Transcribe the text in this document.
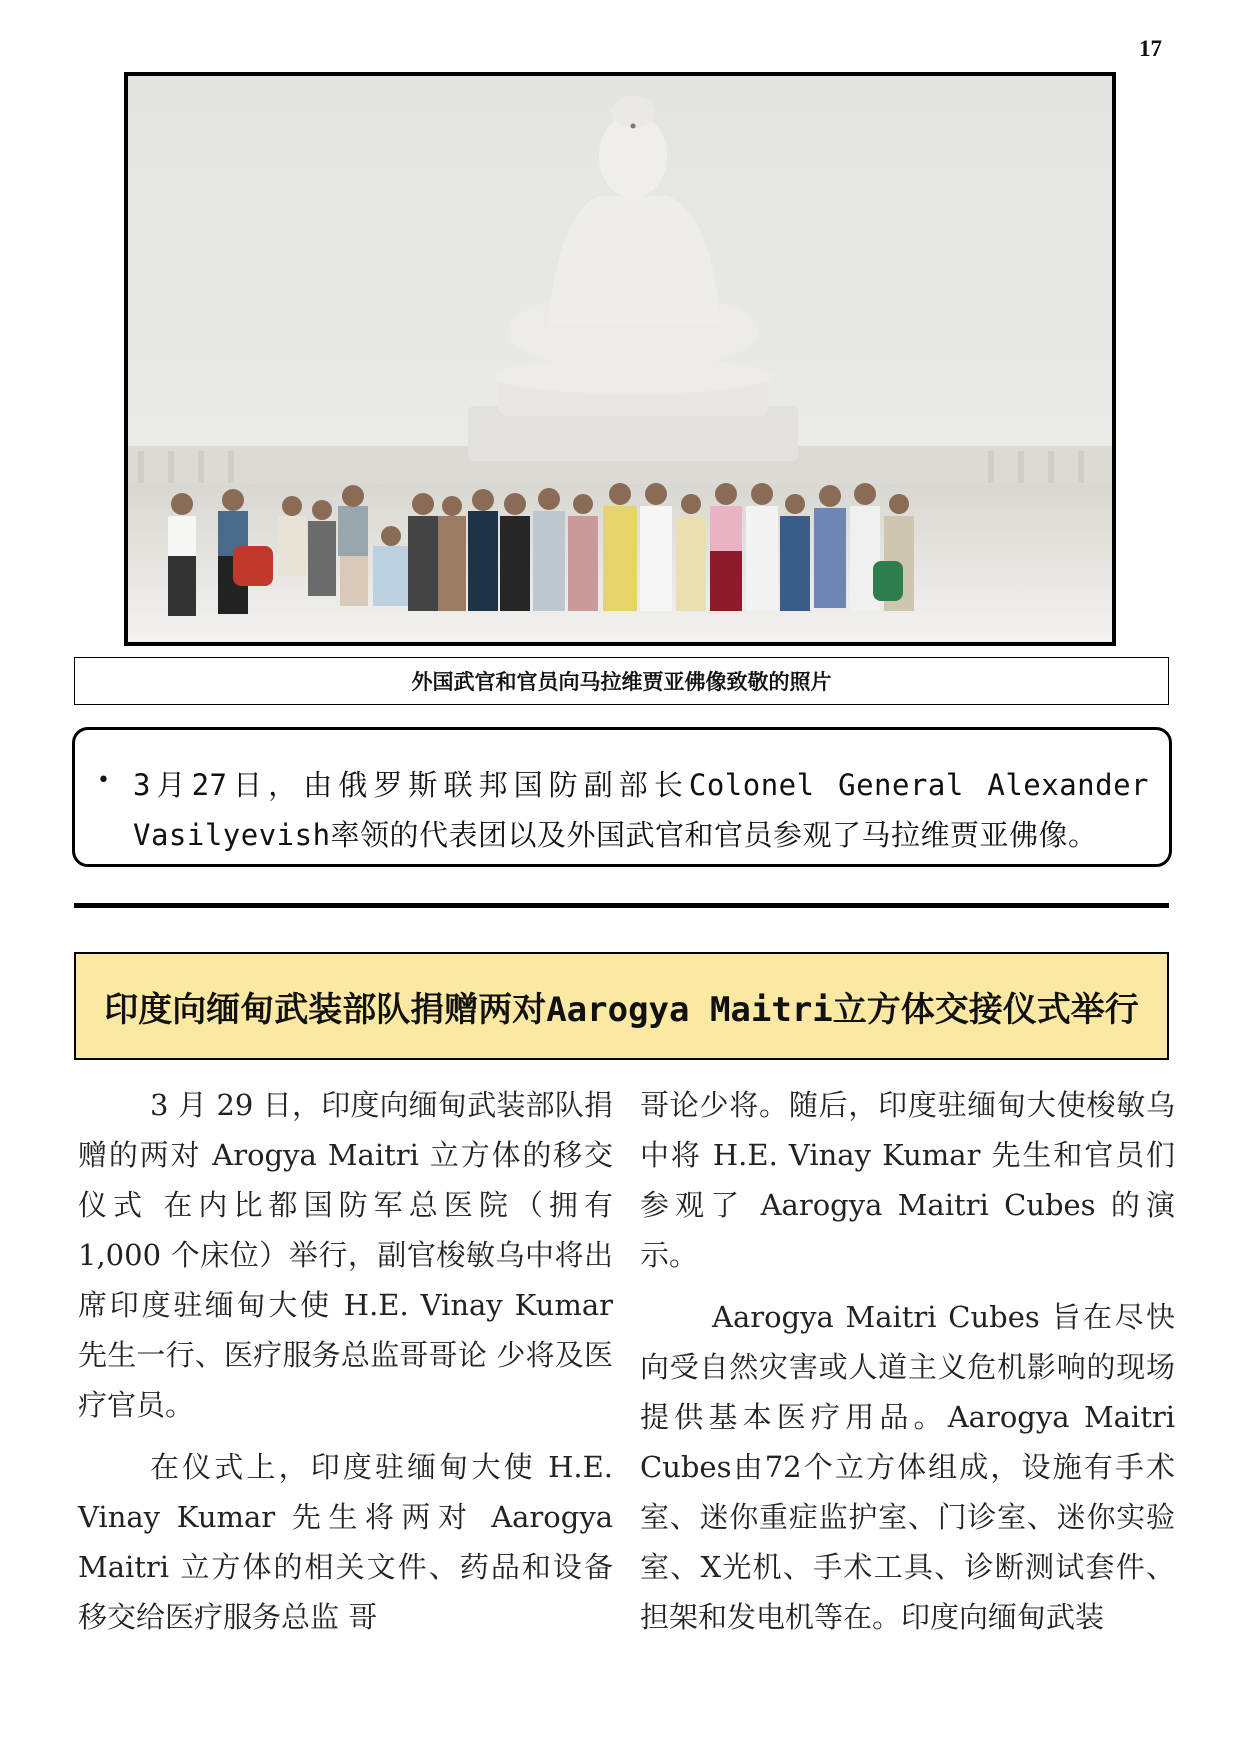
17
外国武官和官员向马拉维贾亚佛像致敬的照片
• 3月27日，由俄罗斯联邦国防副部长Colonel General Alexander Vasilyevish率领的代表团以及外国武官和官员参观了马拉维贾亚佛像。
印度向缅甸武装部队捐赠两对Aarogya Maitri立方体交接仪式举行

3 月 29 日，印度向缅甸武装部队捐赠的两对 Arogya Maitri 立方体的移交仪式 在内比都国防军总医院（拥有 1,000 个床位）举行，副官梭敏乌中将出席印度驻缅甸大使 H.E. Vinay Kumar 先生一行、医疗服务总监哥哥论 少将及医疗官员。

在仪式上，印度驻缅甸大使 H.E. Vinay Kumar 先生将两对 Aarogya Maitri 立方体的相关文件、药品和设备移交给医疗服务总监 哥

哥论少将。随后，印度驻缅甸大使梭敏乌中将 H.E. Vinay Kumar 先生和官员们参观了 Aarogya Maitri Cubes 的演示。

Aarogya Maitri Cubes 旨在尽快向受自然灾害或人道主义危机影响的现场提供基本医疗用品。Aarogya Maitri Cubes由72个立方体组成，设施有手术室、迷你重症监护室、门诊室、迷你实验室、X光机、手术工具、诊断测试套件、担架和发电机等在。印度向缅甸武装
